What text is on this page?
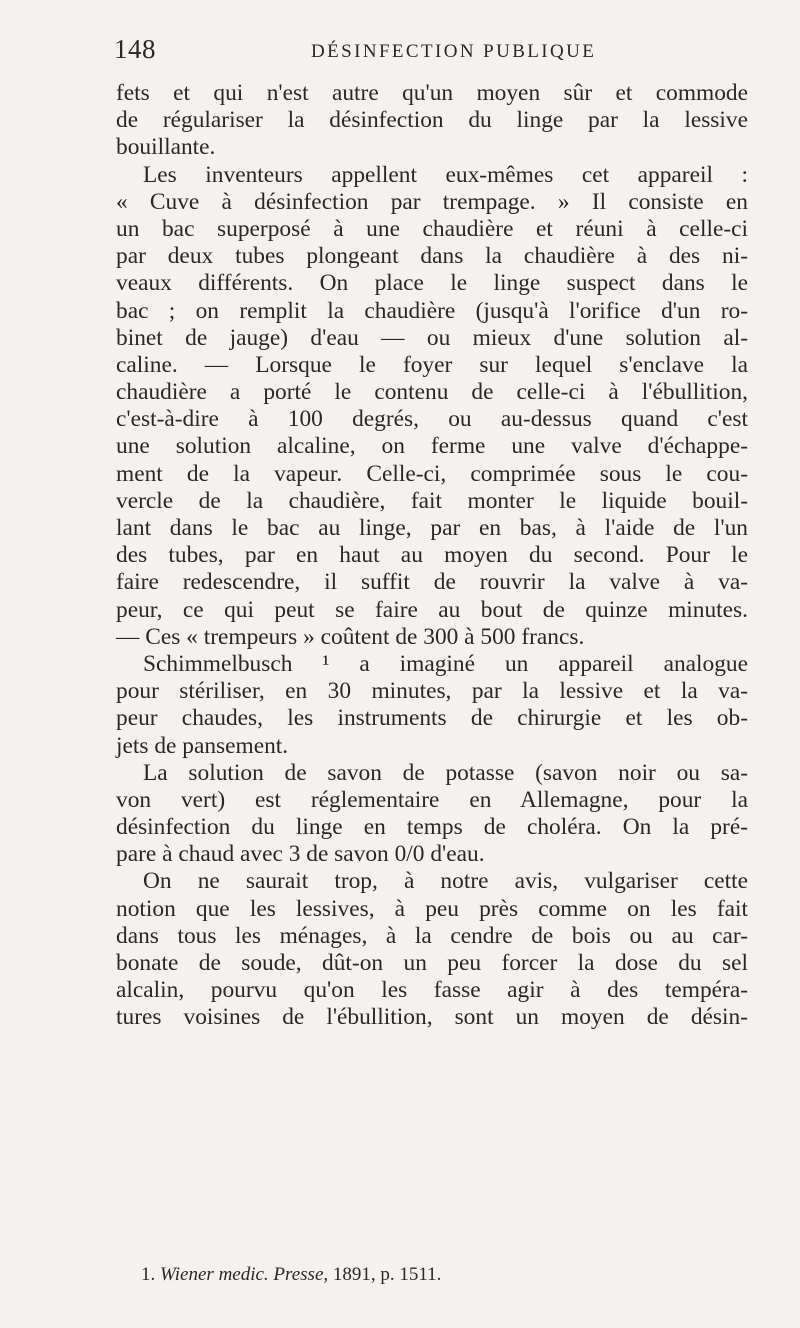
148	DÉSINFECTION PUBLIQUE
fets et qui n'est autre qu'un moyen sûr et commode
de régulariser la désinfection du linge par la lessive
bouillante.
Les inventeurs appellent eux-mêmes cet appareil :
« Cuve à désinfection par trempage. » Il consiste en
un bac superposé à une chaudière et réuni à celle-ci
par deux tubes plongeant dans la chaudière à des ni-
veaux différents. On place le linge suspect dans le
bac ; on remplit la chaudière (jusqu'à l'orifice d'un ro-
binet de jauge) d'eau — ou mieux d'une solution al-
caline. — Lorsque le foyer sur lequel s'enclave la
chaudière a porté le contenu de celle-ci à l'ébullition,
c'est-à-dire à 100 degrés, ou au-dessus quand c'est
une solution alcaline, on ferme une valve d'échappe-
ment de la vapeur. Celle-ci, comprimée sous le cou-
vercle de la chaudière, fait monter le liquide bouil-
lant dans le bac au linge, par en bas, à l'aide de l'un
des tubes, par en haut au moyen du second. Pour le
faire redescendre, il suffit de rouvrir la valve à va-
peur, ce qui peut se faire au bout de quinze minutes.
— Ces « trempeurs » coûtent de 300 à 500 francs.
Schimmelbusch ¹ a imaginé un appareil analogue
pour stériliser, en 30 minutes, par la lessive et la va-
peur chaudes, les instruments de chirurgie et les ob-
jets de pansement.
La solution de savon de potasse (savon noir ou sa-
von vert) est réglementaire en Allemagne, pour la
désinfection du linge en temps de choléra. On la pré-
pare à chaud avec 3 de savon 0/0 d'eau.
On ne saurait trop, à notre avis, vulgariser cette
notion que les lessives, à peu près comme on les fait
dans tous les ménages, à la cendre de bois ou au car-
bonate de soude, dût-on un peu forcer la dose du sel
alcalin, pourvu qu'on les fasse agir à des tempéra-
tures voisines de l'ébullition, sont un moyen de désin-
1. Wiener medic. Presse, 1891, p. 1511.
